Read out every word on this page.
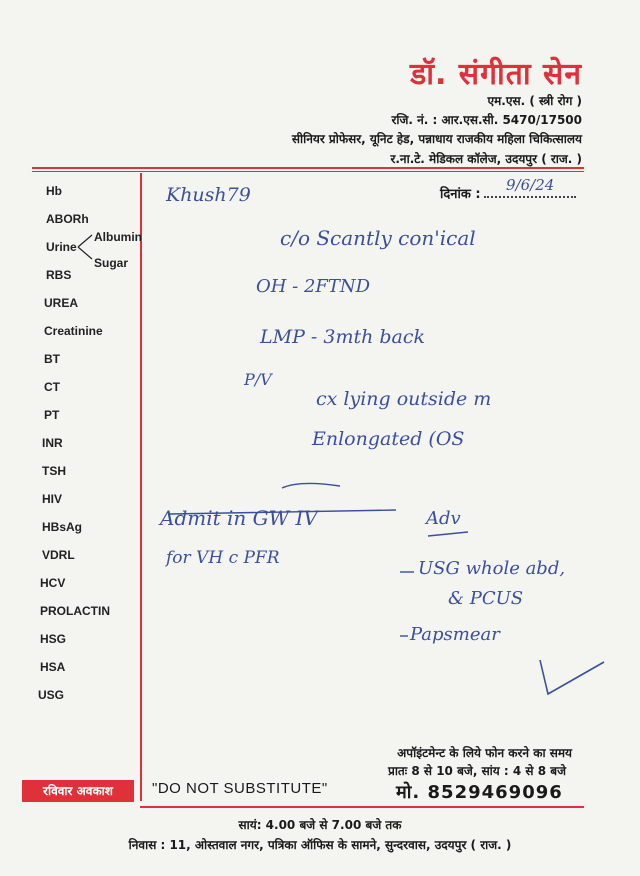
डॉ. संगीता सेन
एम.एस. ( स्त्री रोग )
रजि. नं. : आर.एस.सी. 5470/17500
सीनियर प्रोफेसर, यूनिट हेड, पन्नाधाय राजकीय महिला चिकित्सालय
र.ना.टे. मेडिकल कॉलेज, उदयपुर ( राज. )
Hb
ABORh
Urine
Albumin
Sugar
RBS
UREA
Creatinine
BT
CT
PT
INR
TSH
HIV
HBsAg
VDRL
HCV
PROLACTIN
HSG
HSA
USG
दिनांक :
9/6/24
Khush79
c/o Scantly con'ical
OH - 2FTND
LMP - 3mth back
P/V
cx lying outside m
Enlongated (OS
Adv
Admit in GW IV
for VH c PFR	USG whole abd,
& PCUS
Papsmear
अपॉइंटमेन्ट के लिये फोन करने का समय
प्रातः 8 से 10 बजे, सांय : 4 से 8 बजे
मो. 8529469096
रविवार अवकाश	"DO NOT SUBSTITUTE"
सायं: 4.00 बजे से 7.00 बजे तक
निवास : 11, ओस्तवाल नगर, पत्रिका ऑफिस के सामने, सुन्दरवास, उदयपुर ( राज. )
